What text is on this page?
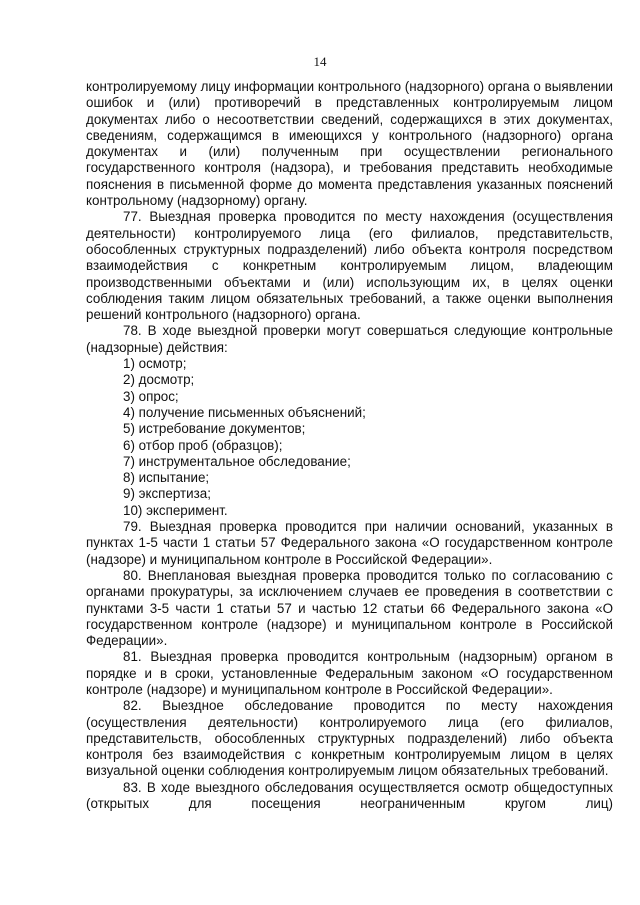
14

контролируемому лицу информации контрольного (надзорного) органа о выявлении ошибок и (или) противоречий в представленных контролируемым лицом документах либо о несоответствии сведений, содержащихся в этих документах, сведениям, содержащимся в имеющихся у контрольного (надзорного) органа документах и (или) полученным при осуществлении регионального государственного контроля (надзора), и требования представить необходимые пояснения в письменной форме до момента представления указанных пояснений контрольному (надзорному) органу.

77. Выездная проверка проводится по месту нахождения (осуществления деятельности) контролируемого лица (его филиалов, представительств, обособленных структурных подразделений) либо объекта контроля посредством взаимодействия с конкретным контролируемым лицом, владеющим производственными объектами и (или) использующим их, в целях оценки соблюдения таким лицом обязательных требований, а также оценки выполнения решений контрольного (надзорного) органа.

78. В ходе выездной проверки могут совершаться следующие контрольные (надзорные) действия:

1) осмотр;

2) досмотр;

3) опрос;

4) получение письменных объяснений;

5) истребование документов;

6) отбор проб (образцов);

7) инструментальное обследование;

8) испытание;

9) экспертиза;

10) эксперимент.

79. Выездная проверка проводится при наличии оснований, указанных в пунктах 1-5 части 1 статьи 57 Федерального закона «О государственном контроле (надзоре) и муниципальном контроле в Российской Федерации».

80. Внеплановая выездная проверка проводится только по согласованию с органами прокуратуры, за исключением случаев ее проведения в соответствии с пунктами 3-5 части 1 статьи 57 и частью 12 статьи 66 Федерального закона «О государственном контроле (надзоре) и муниципальном контроле в Российской Федерации».

81. Выездная проверка проводится контрольным (надзорным) органом в порядке и в сроки, установленные Федеральным законом «О государственном контроле (надзоре) и муниципальном контроле в Российской Федерации».

82. Выездное обследование проводится по месту нахождения (осуществления деятельности) контролируемого лица (его филиалов, представительств, обособленных структурных подразделений) либо объекта контроля без взаимодействия с конкретным контролируемым лицом в целях визуальной оценки соблюдения контролируемым лицом обязательных требований.

83. В ходе выездного обследования осуществляется осмотр общедоступных (открытых для посещения неограниченным кругом лиц)
